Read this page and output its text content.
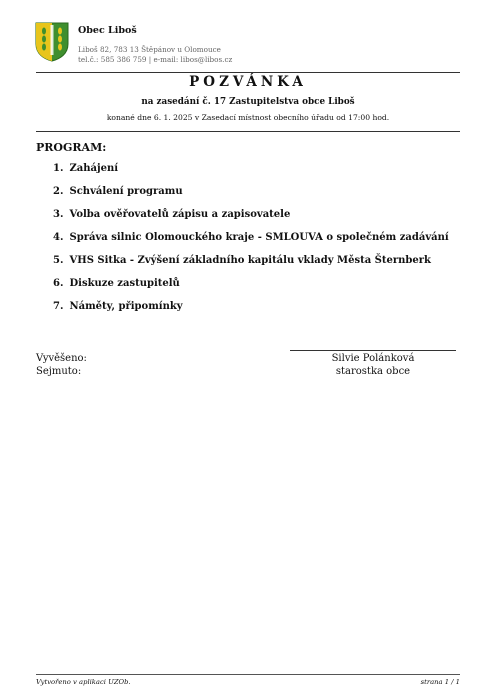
Obec Liboš
Liboš 82, 783 13 Štěpánov u Olomouce
tel.č.: 585 386 759 | e-mail: libos@libos.cz
POZVÁNKA
na zasedání č. 17 Zastupitelstva obce Liboš
konané dne 6. 1. 2025 v Zasedací místnost obecního úřadu od 17:00 hod.
PROGRAM:
1. Zahájení
2. Schválení programu
3. Volba ověřovatelů zápisu a zapisovatele
4. Správa silnic Olomouckého kraje - SMLOUVA o společném zadávání
5. VHS Sitka - Zvýšení základního kapitálu vklady Města Šternberk
6. Diskuze zastupitelů
7. Náměty, připomínky
Vyvěšeno:
Sejmuto:
Silvie Polánková
starostka obce
Vytvořeno v aplikaci UZOb.	strana 1 / 1
